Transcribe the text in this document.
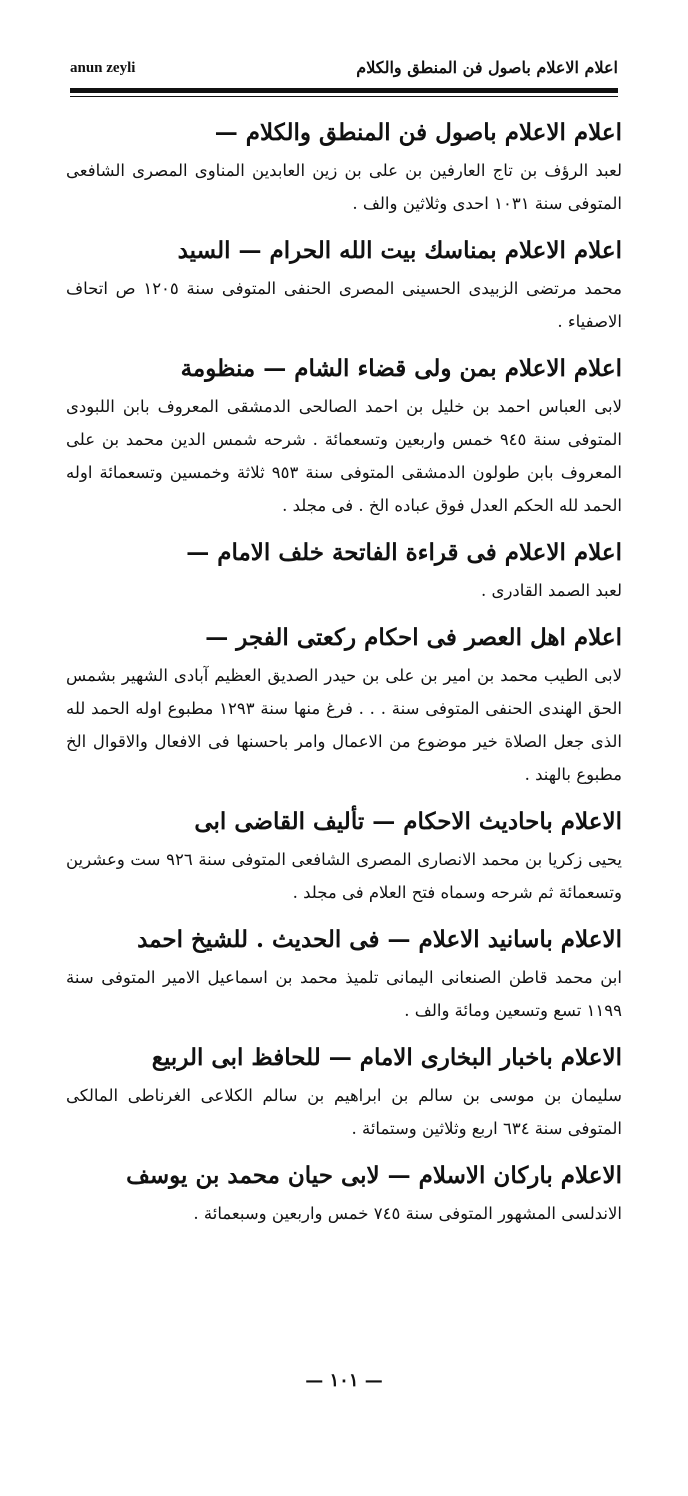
anun zeyli	اعلام الاعلام باصول فن المنطق والكلام

اعلام الاعلام باصول فن المنطق والكلام —

لعبد الرؤف بن تاج العارفين بن على بن زين العابدين المناوى المصرى الشافعى المتوفى سنة ١٠٣١ احدى وثلاثين والف .

اعلام الاعلام بمناسك بيت الله الحرام — السيد

محمد مرتضى الزبيدى الحسينى المصرى الحنفى المتوفى سنة ١٢٠٥ ص اتحاف الاصفياء .

اعلام الاعلام بمن ولى قضاء الشام — منظومة

لابى العباس احمد بن خليل بن احمد الصالحى الدمشقى المعروف بابن اللبودى المتوفى سنة ٩٤٥ خمس واربعين وتسعمائة . شرحه شمس الدين محمد بن على المعروف بابن طولون الدمشقى المتوفى سنة ٩٥٣ ثلاثة وخمسين وتسعمائة اوله الحمد لله الحكم العدل فوق عباده الخ . فى مجلد .

اعلام الاعلام فى قراءة الفاتحة خلف الامام —

لعبد الصمد القادرى .

اعلام اهل العصر فى احكام ركعتى الفجر —

لابى الطيب محمد بن امير بن على بن حيدر الصديق العظيم آبادى الشهير بشمس الحق الهندى الحنفى المتوفى سنة . . . فرغ منها سنة ١٢٩٣ مطبوع اوله الحمد لله الذى جعل الصلاة خير موضوع من الاعمال وامر باحسنها فى الافعال والاقوال الخ مطبوع بالهند .

الاعلام باحاديث الاحكام — تأليف القاضى ابى

يحيى زكريا بن محمد الانصارى المصرى الشافعى المتوفى سنة ٩٢٦ ست وعشرين وتسعمائة ثم شرحه وسماه فتح العلام فى مجلد .

الاعلام باسانيد الاعلام — فى الحديث . للشيخ احمد

ابن محمد قاطن الصنعانى اليمانى تلميذ محمد بن اسماعيل الامير المتوفى سنة ١١٩٩ تسع وتسعين ومائة والف .

الاعلام باخبار البخارى الامام — للحافظ ابى الربيع

سليمان بن موسى بن سالم بن ابراهيم بن سالم الكلاعى الغرناطى المالكى المتوفى سنة ٦٣٤ اربع وثلاثين وستمائة .

الاعلام باركان الاسلام — لابى حيان محمد بن يوسف

الاندلسى المشهور المتوفى سنة ٧٤٥ خمس واربعين وسبعمائة .

— ١٠١ —
